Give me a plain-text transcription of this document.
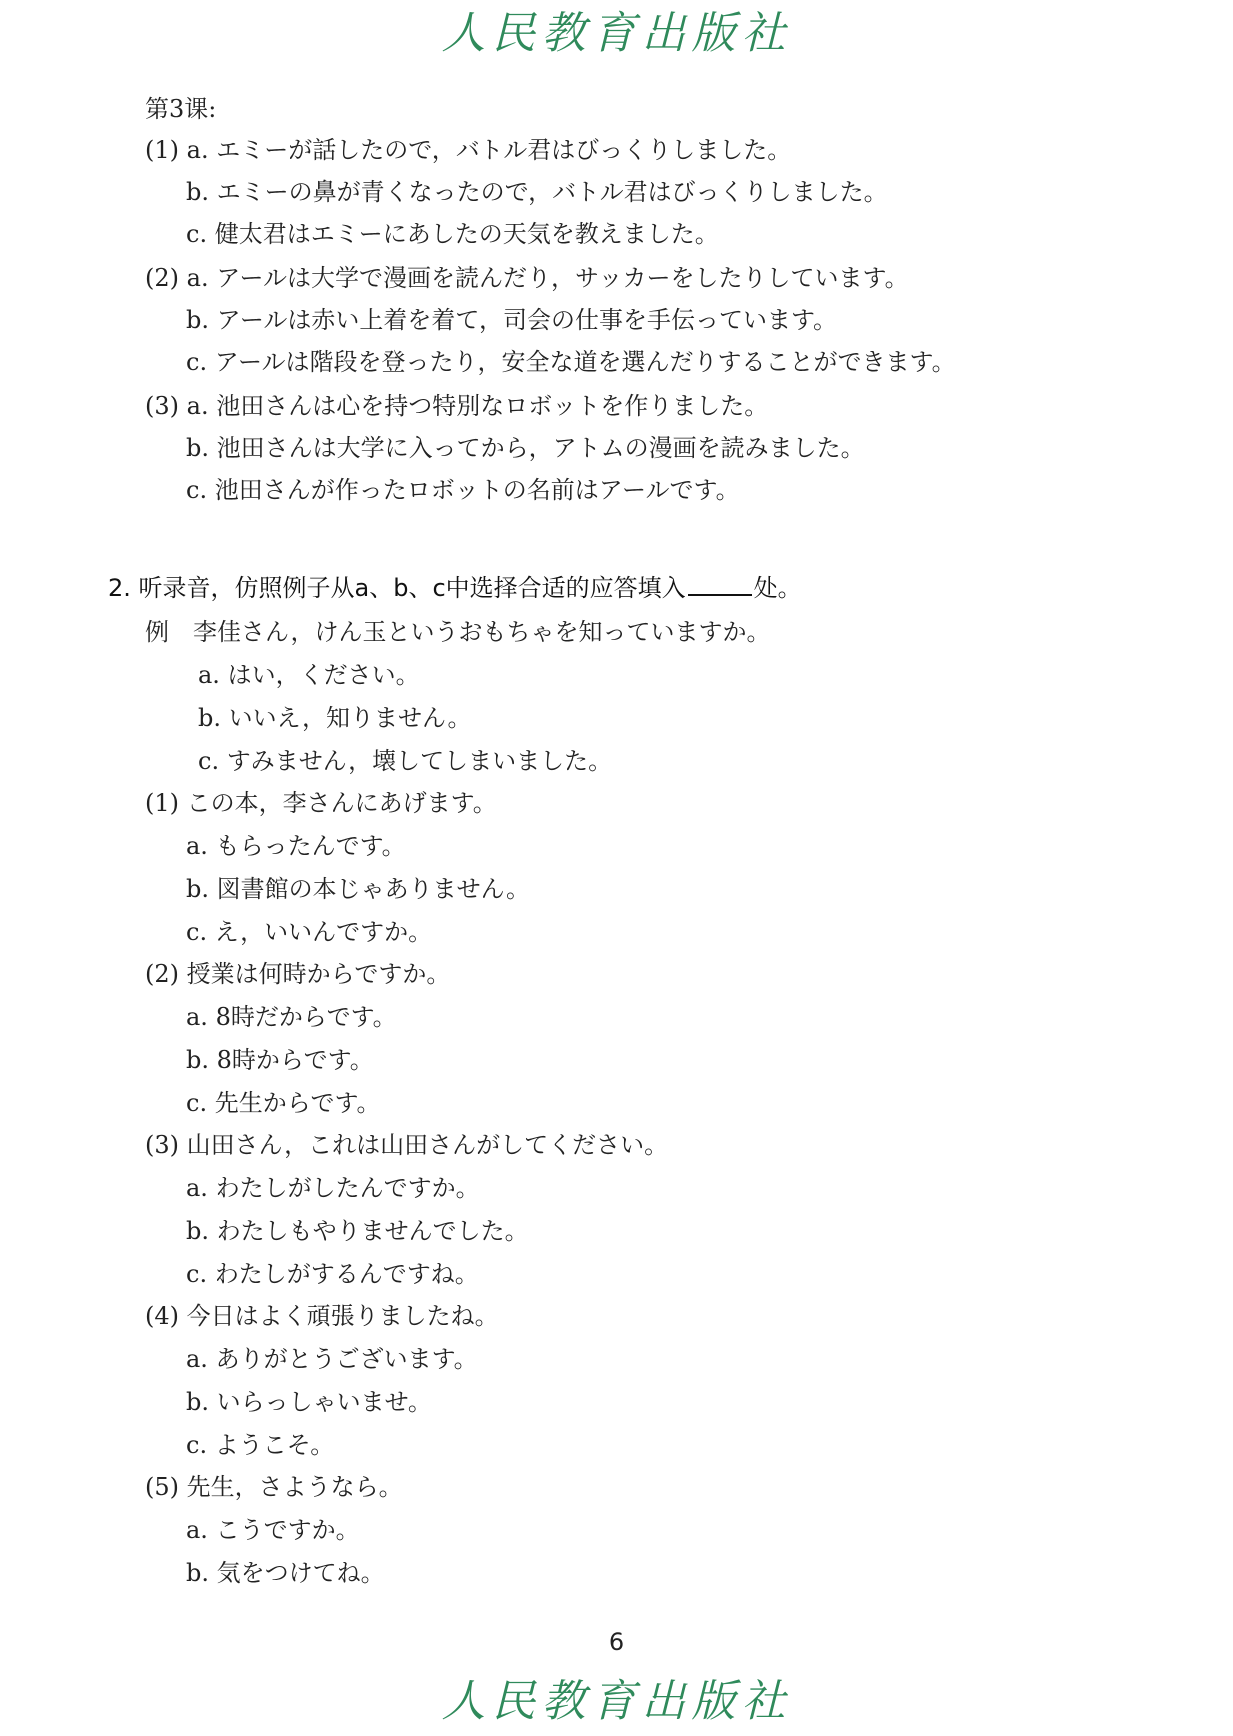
人民教育出版社
第3课:
(1) a. エミーが話したので，バトル君はびっくりしました。
b. エミーの鼻が青くなったので，バトル君はびっくりしました。
c. 健太君はエミーにあしたの天気を教えました。
(2) a. アールは大学で漫画を読んだり，サッカーをしたりしています。
b. アールは赤い上着を着て，司会の仕事を手伝っています。
c. アールは階段を登ったり，安全な道を選んだりすることができます。
(3) a. 池田さんは心を持つ特別なロボットを作りました。
b. 池田さんは大学に入ってから，アトムの漫画を読みました。
c. 池田さんが作ったロボットの名前はアールです。
2. 听录音，仿照例子从a、b、c中选择合适的应答填入	处。
例　李佳さん，けん玉というおもちゃを知っていますか。
a. はい，ください。
b. いいえ，知りません。
c. すみません，壊してしまいました。
(1) この本，李さんにあげます。
a. もらったんです。
b. 図書館の本じゃありません。
c. え，いいんですか。
(2) 授業は何時からですか。
a. 8時だからです。
b. 8時からです。
c. 先生からです。
(3) 山田さん，これは山田さんがしてください。
a. わたしがしたんですか。
b. わたしもやりませんでした。
c. わたしがするんですね。
(4) 今日はよく頑張りましたね。
a. ありがとうございます。
b. いらっしゃいませ。
c. ようこそ。
(5) 先生，さようなら。
a. こうですか。
b. 気をつけてね。
6
人民教育出版社
